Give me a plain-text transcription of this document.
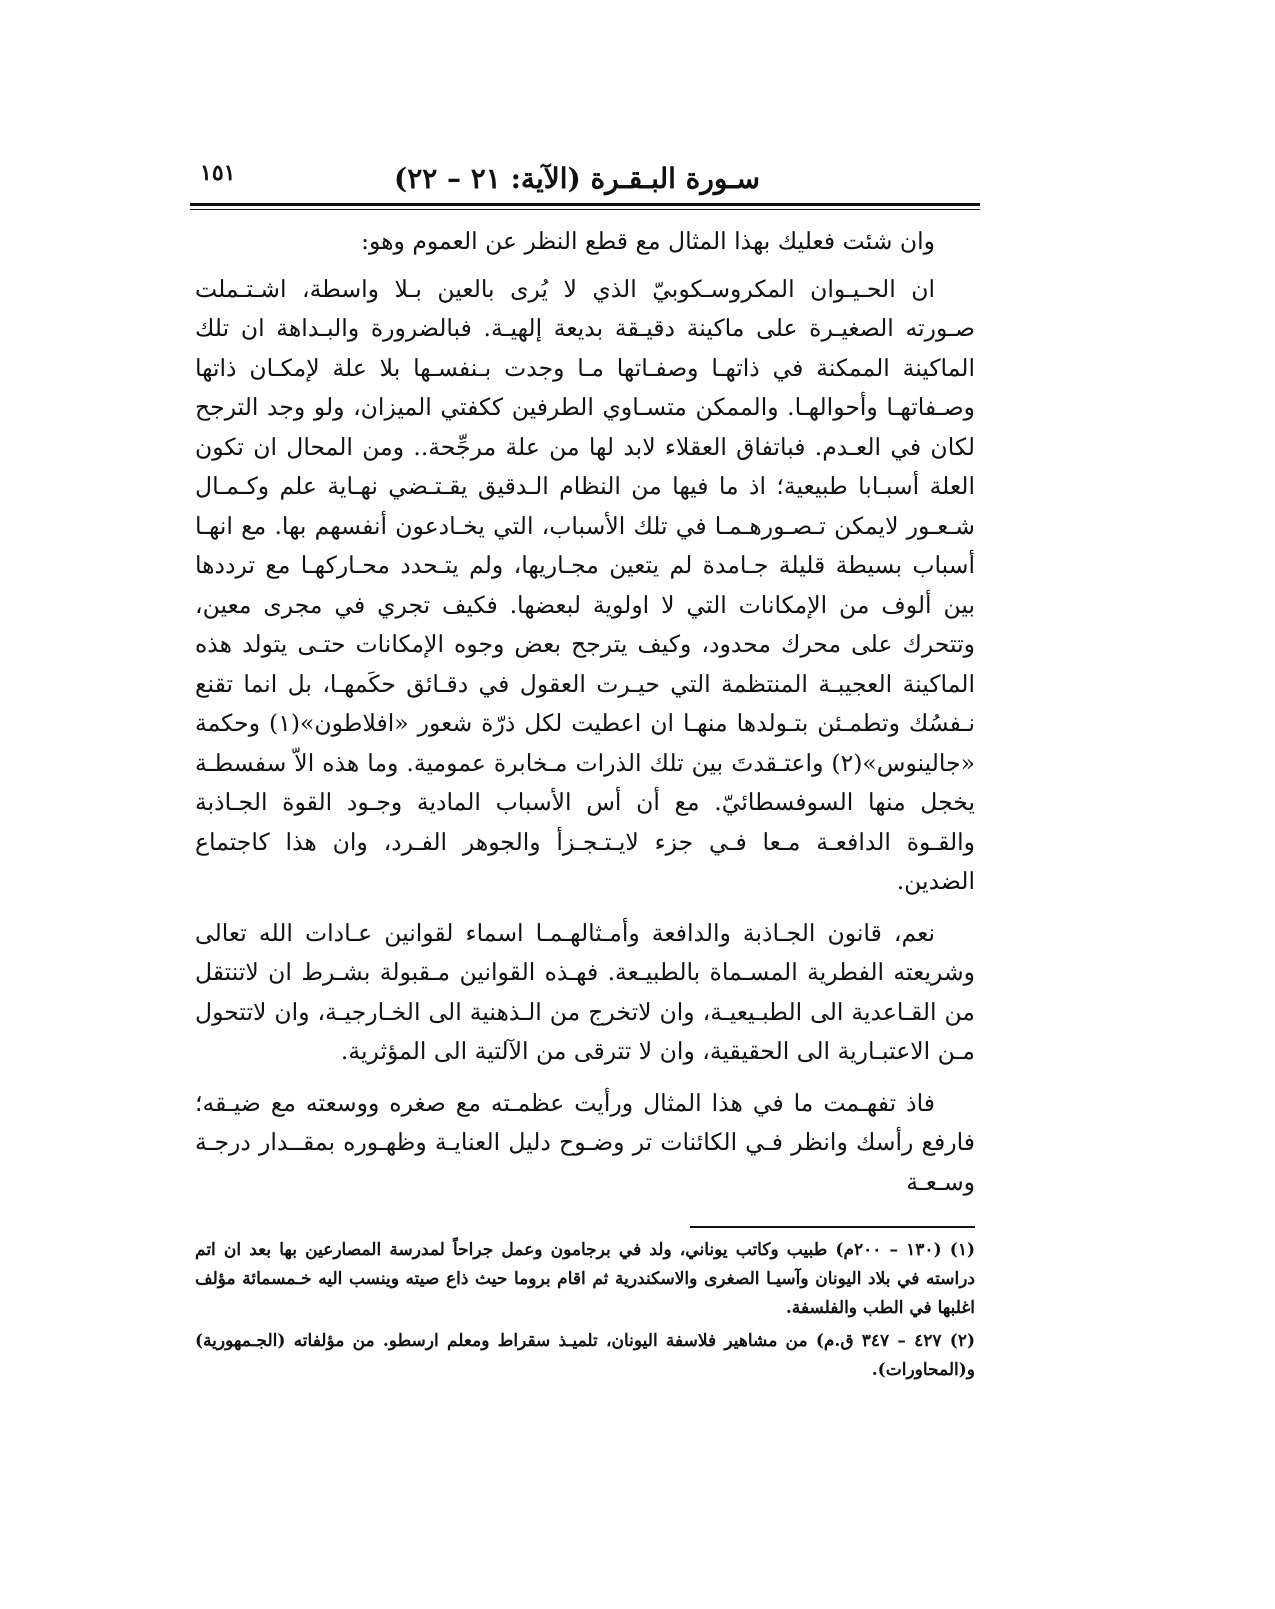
١٥١	سـورة البـقـرة (الآية: ٢١ – ٢٢)

وان شئت فعليك بهذا المثال مع قطع النظر عن العموم وهو:

ان الحـيـوان المكروسـكوبيّ الذي لا يُرى بالعين بـلا واسطة، اشـتـملت صـورته الصغيـرة على ماكينة دقيـقة بديعة إلهيـة. فبالضرورة والبـداهة ان تلك الماكينة الممكنة في ذاتهـا وصفـاتها مـا وجدت بـنفسـها بلا علة لإمكـان ذاتها وصـفاتهـا وأحوالهـا. والممكن متسـاوي الطرفين ككفتي الميزان، ولو وجد الترجح لكان في العـدم. فباتفاق العقلاء لابد لها من علة مرجِّحة.. ومن المحال ان تكون العلة أسبـابا طبيعية؛ اذ ما فيها من النظام الـدقيق يقـتـضي نهـاية علم وكـمـال شـعـور لايمكن تـصـورهـمـا في تلك الأسباب، التي يخـادعون أنفسهم بها. مع انهـا أسباب بسيطة قليلة جـامدة لم يتعين مجـاريها، ولم يتـحدد محـاركهـا مع ترددها بين ألوف من الإمكانات التي لا اولوية لبعضها. فكيف تجري في مجرى معين، وتتحرك على محرك محدود، وكيف يترجح بعض وجوه الإمكانات حتـى يتولد هذه الماكينة العجيبـة المنتظمة التي حيـرت العقول في دقـائق حكَمهـا، بل انما تقنع نـفسُك وتطمـئن بتـولدها منهـا ان اعطيت لكل ذرّة شعور «افلاطون»(١) وحكمة «جالينوس»(٢) واعتـقدتَ بين تلك الذرات مـخابرة عمومية. وما هذه الاّ سفسطـة يخجل منها السوفسطائيّ. مع أن أس الأسباب المادية وجـود القوة الجـاذبة والقـوة الدافعـة مـعا فـي جزء لايـتـجـزأ والجوهر الفـرد، وان هذا كاجتماع الضدين.

نعم، قانون الجـاذبة والدافعة وأمـثالهـمـا اسماء لقوانين عـادات الله تعالى وشريعته الفطرية المسـماة بالطبيـعة. فهـذه القوانين مـقبولة بشـرط ان لاتنتقل من القـاعدية الى الطبـيعيـة، وان لاتخرج من الـذهنية الى الخـارجيـة، وان لاتتحول مـن الاعتبـارية الى الحقيقية، وان لا تترقى من الآلتية الى المؤثرية.

فاذ تفهـمت ما في هذا المثال ورأيت عظمـته مع صغره ووسعته مع ضيـقه؛ فارفع رأسك وانظر فـي الكائنات تر وضـوح دليل العنايـة وظهـوره بمقــدار درجـة وسـعـة

(١) (١٣٠ – ٢٠٠م) طبيب وكاتب يوناني، ولد في برجامون وعمل جراحاً لمدرسة المصارعين بها بعد ان اتم دراسته في بلاد اليونان وآسيـا الصغرى والاسكندرية ثم اقام بروما حيث ذاع صيته وينسب اليه خـمسمائة مؤلف اغلبها في الطب والفلسفة.

(٢) ٤٢٧ – ٣٤٧ ق.م) من مشاهير فلاسفة اليونان، تلميـذ سقراط ومعلم ارسطو. من مؤلفاته (الجـمهورية) و(المحاورات).
